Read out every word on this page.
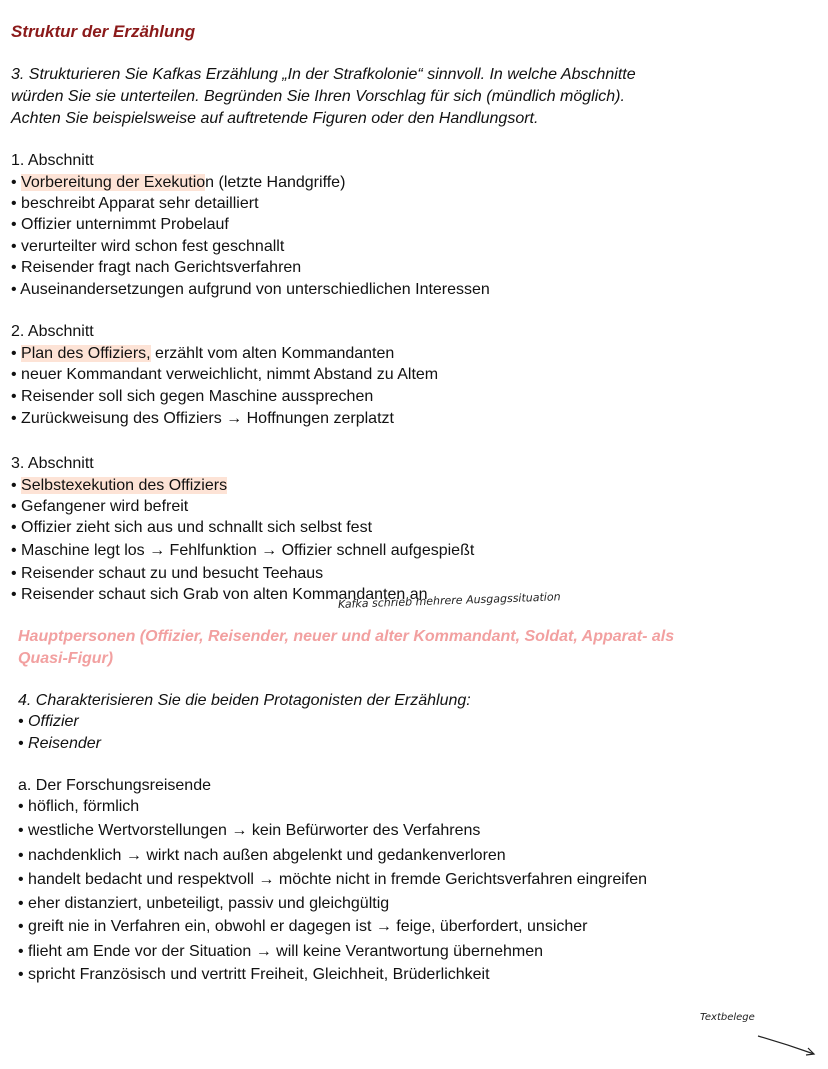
Struktur der Erzählung
3. Strukturieren Sie Kafkas Erzählung „In der Strafkolonie“ sinnvoll. In welche Abschnitte
würden Sie sie unterteilen. Begründen Sie Ihren Vorschlag für sich (mündlich möglich).
Achten Sie beispielsweise auf auftretende Figuren oder den Handlungsort.
1. Abschnitt
• Vorbereitung der Exekution (letzte Handgriffe)
• beschreibt Apparat sehr detailliert
• Offizier unternimmt Probelauf
• verurteilter wird schon fest geschnallt
• Reisender fragt nach Gerichtsverfahren
• Auseinandersetzungen aufgrund von unterschiedlichen Interessen
2. Abschnitt
• Plan des Offiziers, erzählt vom alten Kommandanten
• neuer Kommandant verweichlicht, nimmt Abstand zu Altem
• Reisender soll sich gegen Maschine aussprechen
• Zurückweisung des Offiziers → Hoffnungen zerplatzt
3. Abschnitt
• Selbstexekution des Offiziers
• Gefangener wird befreit
• Offizier zieht sich aus und schnallt sich selbst fest
• Maschine legt los → Fehlfunktion → Offizier schnell aufgespießt
• Reisender schaut zu und besucht Teehaus
• Reisender schaut sich Grab von alten Kommandanten an
Kafka schrieb mehrere Ausgagssituation
Hauptpersonen (Offizier, Reisender, neuer und alter Kommandant, Soldat, Apparat- als
Quasi-Figur)
4. Charakterisieren Sie die beiden Protagonisten der Erzählung:
• Offizier
• Reisender
a. Der Forschungsreisende
• höflich, förmlich
• westliche Wertvorstellungen → kein Befürworter des Verfahrens
• nachdenklich → wirkt nach außen abgelenkt und gedankenverloren
• handelt bedacht und respektvoll → möchte nicht in fremde Gerichtsverfahren eingreifen
• eher distanziert, unbeteiligt, passiv und gleichgültig
• greift nie in Verfahren ein, obwohl er dagegen ist → feige, überfordert, unsicher
• flieht am Ende vor der Situation → will keine Verantwortung übernehmen
• spricht Französisch und vertritt Freiheit, Gleichheit, Brüderlichkeit
Textbelege
